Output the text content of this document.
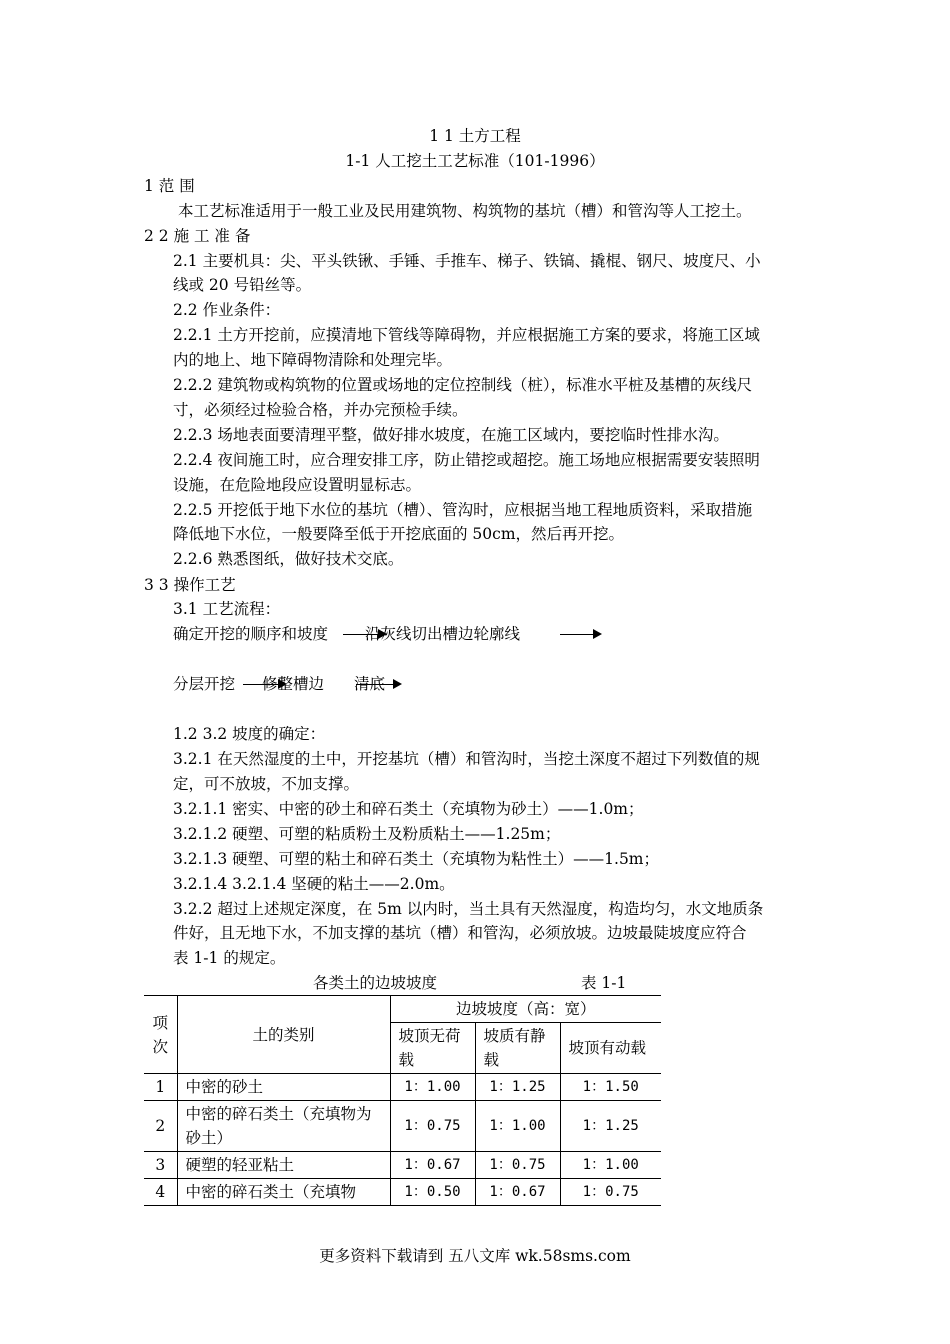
1 1 土方工程
1-1 人工挖土工艺标准（101-1996）
1 范 围
本工艺标准适用于一般工业及民用建筑物、构筑物的基坑（槽）和管沟等人工挖土。
2 2 施 工 准 备
2.1 主要机具：尖、平头铁锹、手锤、手推车、梯子、铁镐、撬棍、钢尺、坡度尺、小
线或 20 号铅丝等。
2.2 作业条件：
2.2.1 土方开挖前，应摸清地下管线等障碍物，并应根据施工方案的要求，将施工区域
内的地上、地下障碍物清除和处理完毕。
2.2.2 建筑物或构筑物的位置或场地的定位控制线（桩），标准水平桩及基槽的灰线尺
寸，必须经过检验合格，并办完预检手续。
2.2.3 场地表面要清理平整，做好排水坡度，在施工区域内，要挖临时性排水沟。
2.2.4 夜间施工时，应合理安排工序，防止错挖或超挖。施工场地应根据需要安装照明
设施，在危险地段应设置明显标志。
2.2.5 开挖低于地下水位的基坑（槽）、管沟时，应根据当地工程地质资料，采取措施
降低地下水位，一般要降至低于开挖底面的 50cm，然后再开挖。
2.2.6 熟悉图纸，做好技术交底。
3 3 操作工艺
3.1 工艺流程：
确定开挖的顺序和坡度 沿灰线切出槽边轮廓线
分层开挖 修整槽边 清底
1.2 3.2 坡度的确定：
3.2.1 在天然湿度的土中，开挖基坑（槽）和管沟时，当挖土深度不超过下列数值的规
定，可不放坡，不加支撑。
3.2.1.1 密实、中密的砂土和碎石类土（充填物为砂土）——1.0m；
3.2.1.2 硬塑、可塑的粘质粉土及粉质粘土——1.25m；
3.2.1.3 硬塑、可塑的粘土和碎石类土（充填物为粘性土）——1.5m；
3.2.1.4 3.2.1.4 坚硬的粘土——2.0m。
3.2.2 超过上述规定深度，在 5m 以内时，当土具有天然湿度，构造均匀，水文地质条
件好，且无地下水，不加支撑的基坑（槽）和管沟，必须放坡。边坡最陡坡度应符合
表 1-1 的规定。
各类土的边坡坡度	表 1-1
项次	土的类别	边坡坡度（高：宽）		
		坡顶无荷载	坡质有静载	坡顶有动载
1	中密的砂土	1：1.00	1：1.25	1：1.50
2	中密的碎石类土（充填物为砂土）	1：0.75	1：1.00	1：1.25
3	硬塑的轻亚粘土	1：0.67	1：0.75	1：1.00
4	中密的碎石类土（充填物	1：0.50	1：0.67	1：0.75
更多资料下载请到 五八文库 wk.58sms.com
